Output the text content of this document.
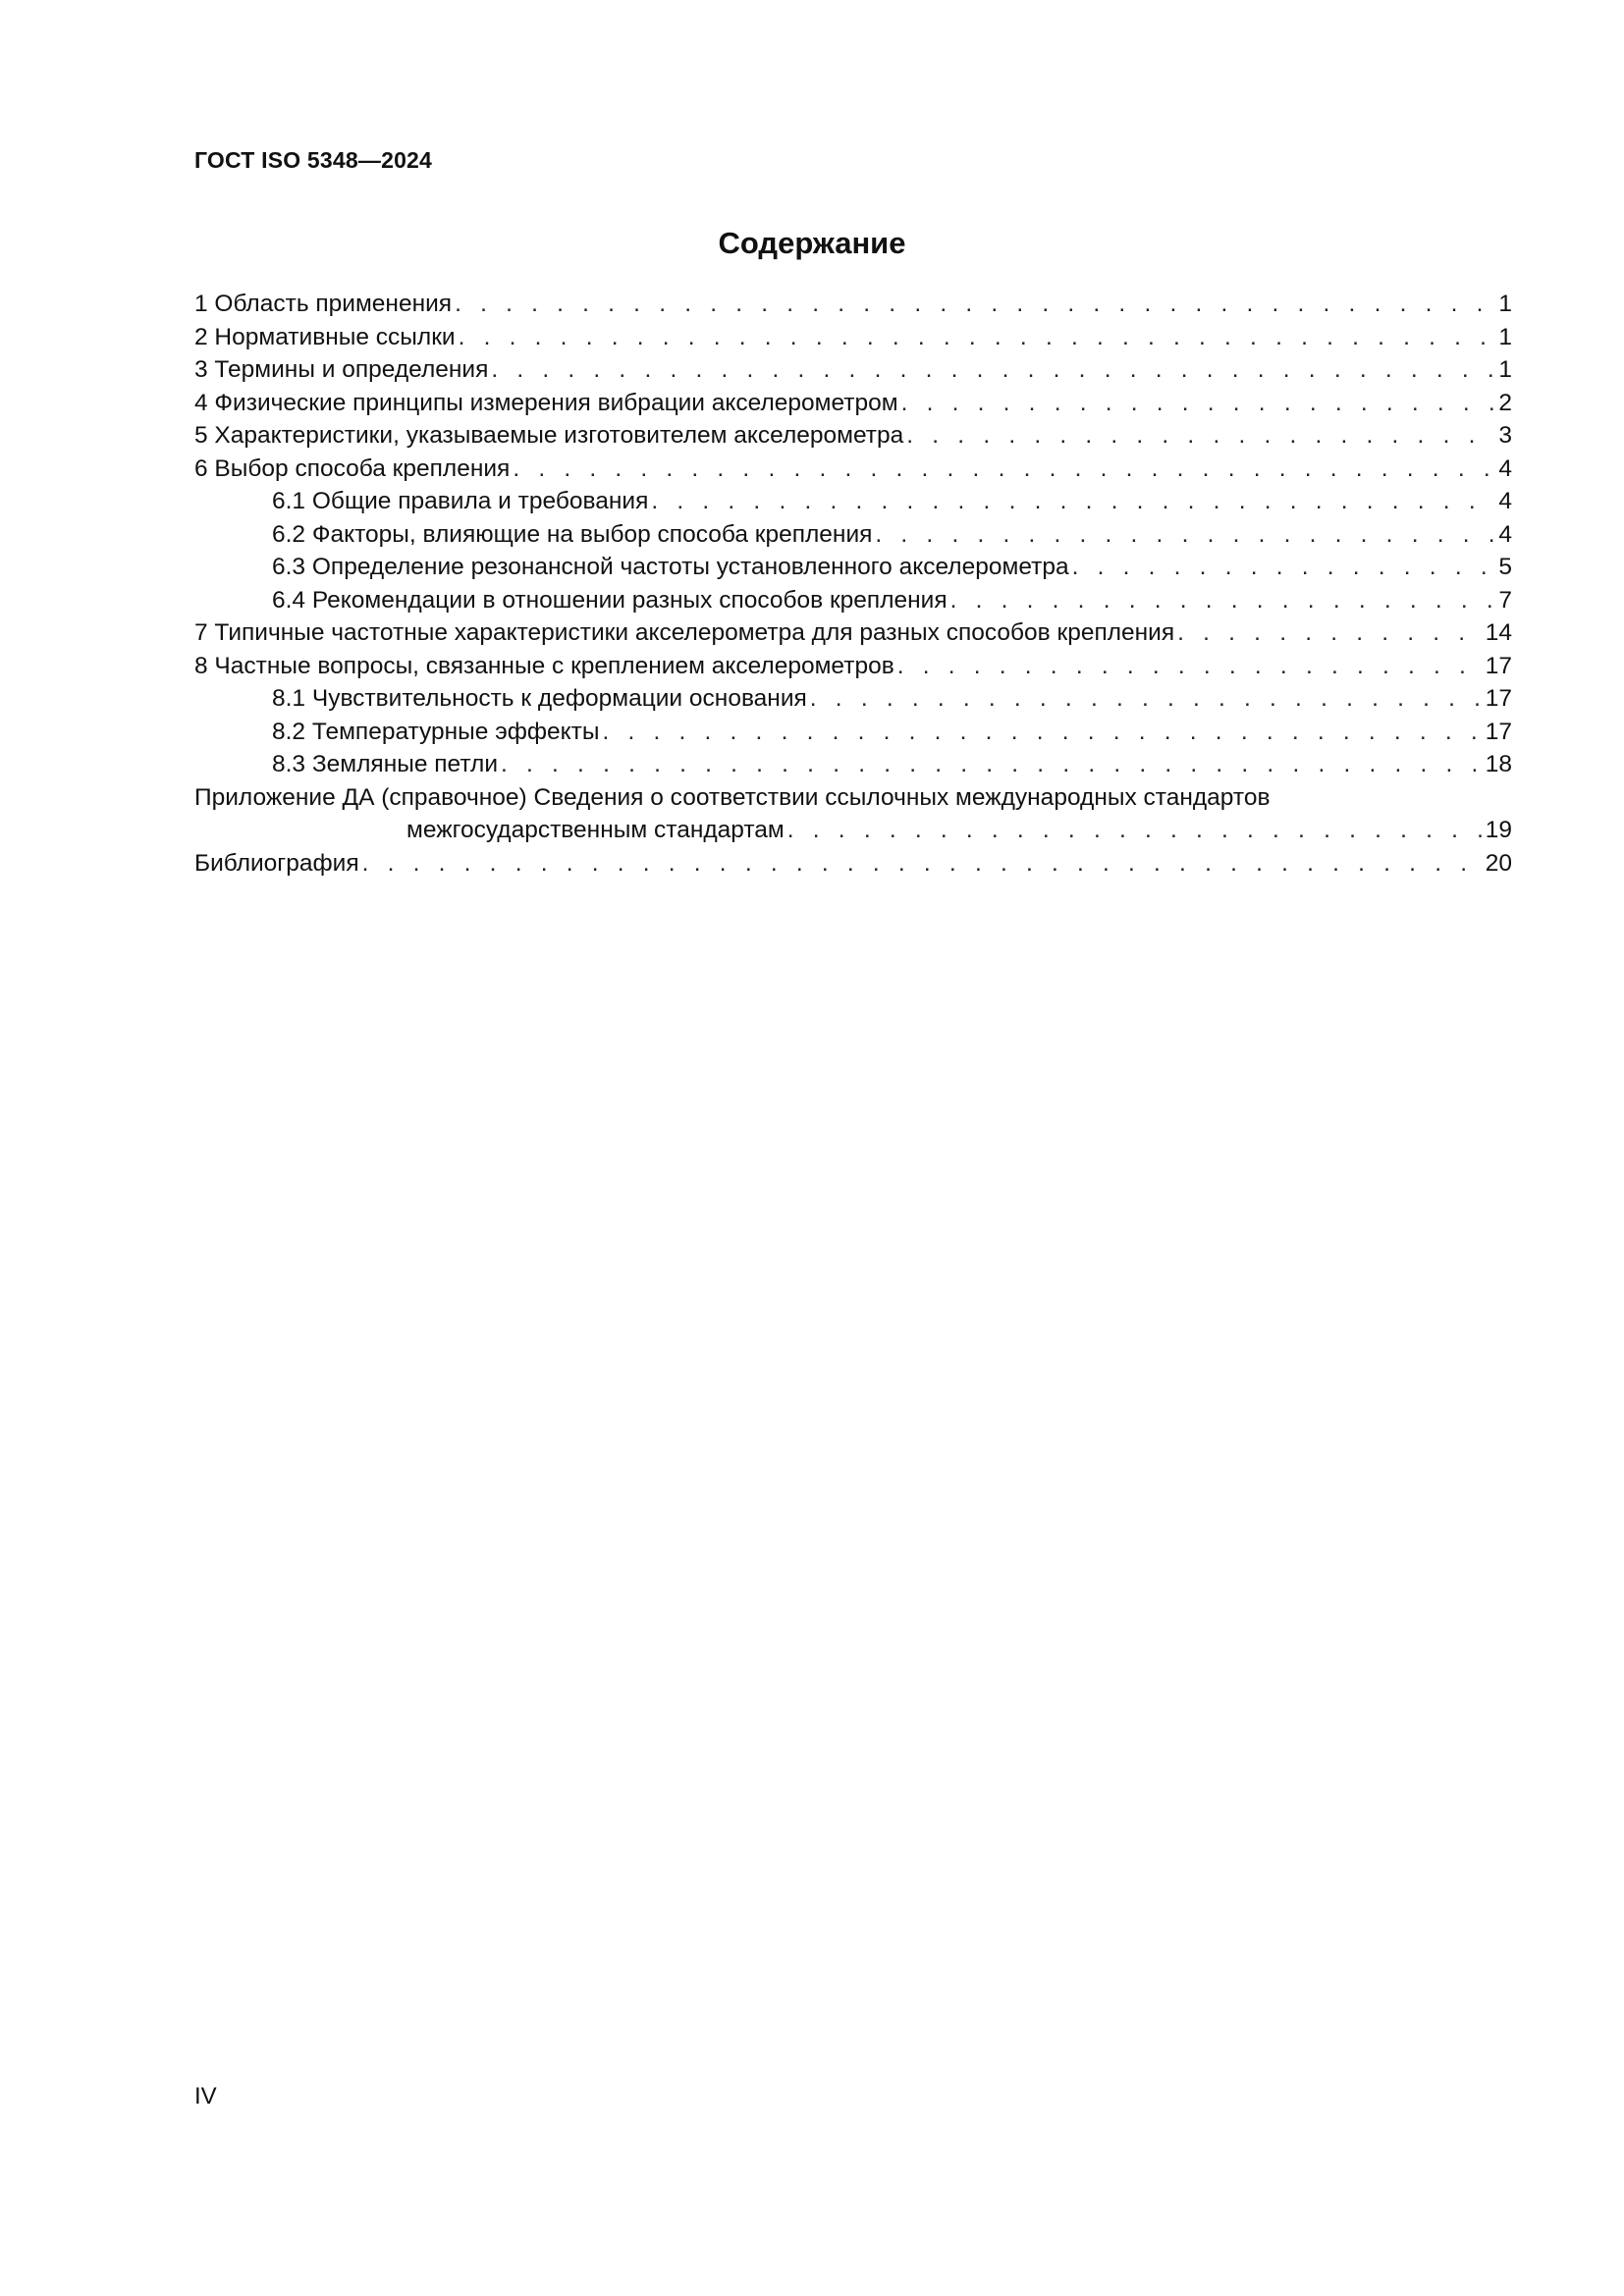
ГОСТ ISO 5348—2024
Содержание
1 Область применения . . .	1
2 Нормативные ссылки . . .	1
3 Термины и определения . . .	1
4 Физические принципы измерения вибрации акселерометром . . .	2
5 Характеристики, указываемые изготовителем акселерометра . . .	3
6 Выбор способа крепления . . .	4
6.1 Общие правила и требования . . .	4
6.2 Факторы, влияющие на выбор способа крепления . . .	4
6.3 Определение резонансной частоты установленного акселерометра . . .	5
6.4 Рекомендации в отношении разных способов крепления . . .	7
7 Типичные частотные характеристики акселерометра для разных способов крепления . . .	14
8 Частные вопросы, связанные с креплением акселерометров . . .	17
8.1 Чувствительность к деформации основания . . .	17
8.2 Температурные эффекты . . .	17
8.3 Земляные петли . . .	18
Приложение ДА (справочное) Сведения о соответствии ссылочных международных стандартов
межгосударственным стандартам . . .	19
Библиография . . .	20
IV
